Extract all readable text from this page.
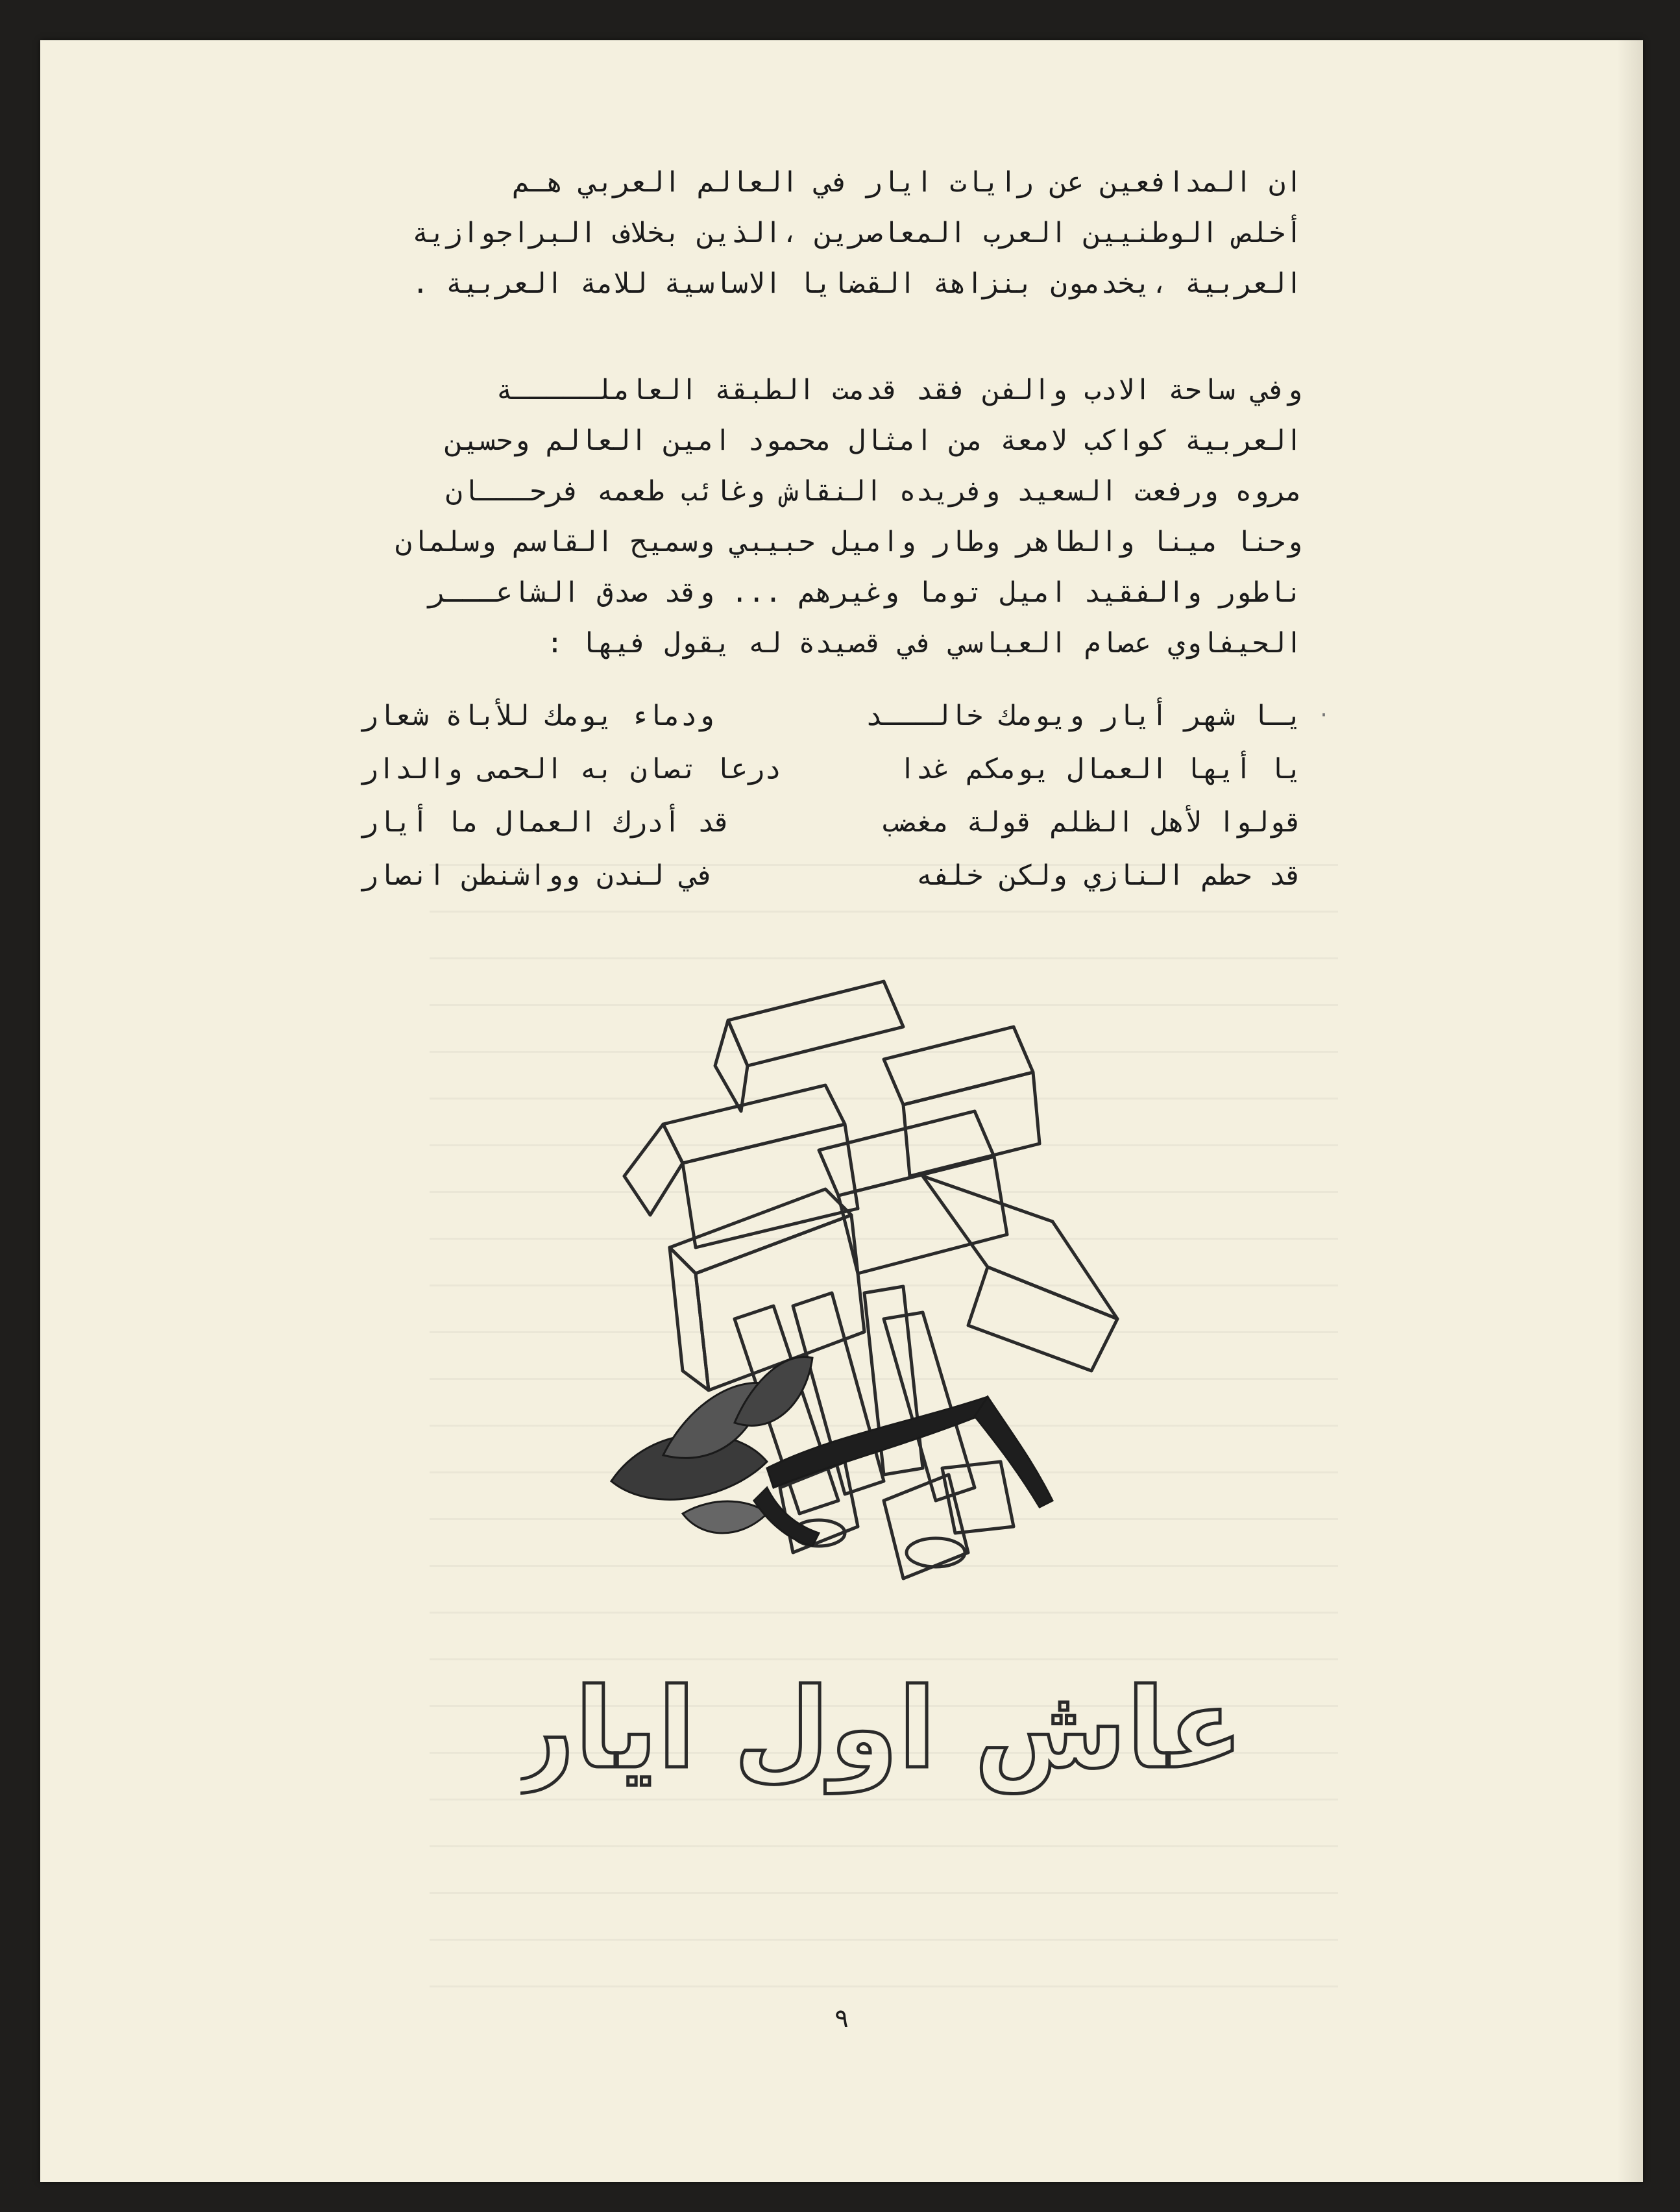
ان المدافعين عن رايات ايار في العالم العربي هـم
أخلص الوطنيين العرب المعاصرين ،الذين بخلاف البراجوازية
العربية ،يخدمون بنزاهة القضايا الاساسية للامة العربية .
وفي ساحة الادب والفن فقد قدمت الطبقة العاملـــــة
العربية كواكب لامعة من امثال محمود امين العالم وحسين
مروه ورفعت السعيد وفريده النقاش وغائب طعمه فرحـــان
وحنا مينا والطاهر وطار واميل حبيبي وسميح القاسم وسلمان
ناطور والفقيد اميل توما وغيرهم ... وقد صدق الشاعـــر
الحيفاوي عصام العباسي في قصيدة له يقول فيها :
·
يـا شهر أيار ويومك خالـــد
ودماء يومك للأباة شعار
يا أيها العمال يومكم غدا
درعا تصان به الحمى والدار
قولوا لأهل الظلم قولة مغضب
قد أدرك العمال ما أيار
قد حطم النازي ولكن خلفه
في لندن وواشنطن انصار
عاش اول ايار
٩
